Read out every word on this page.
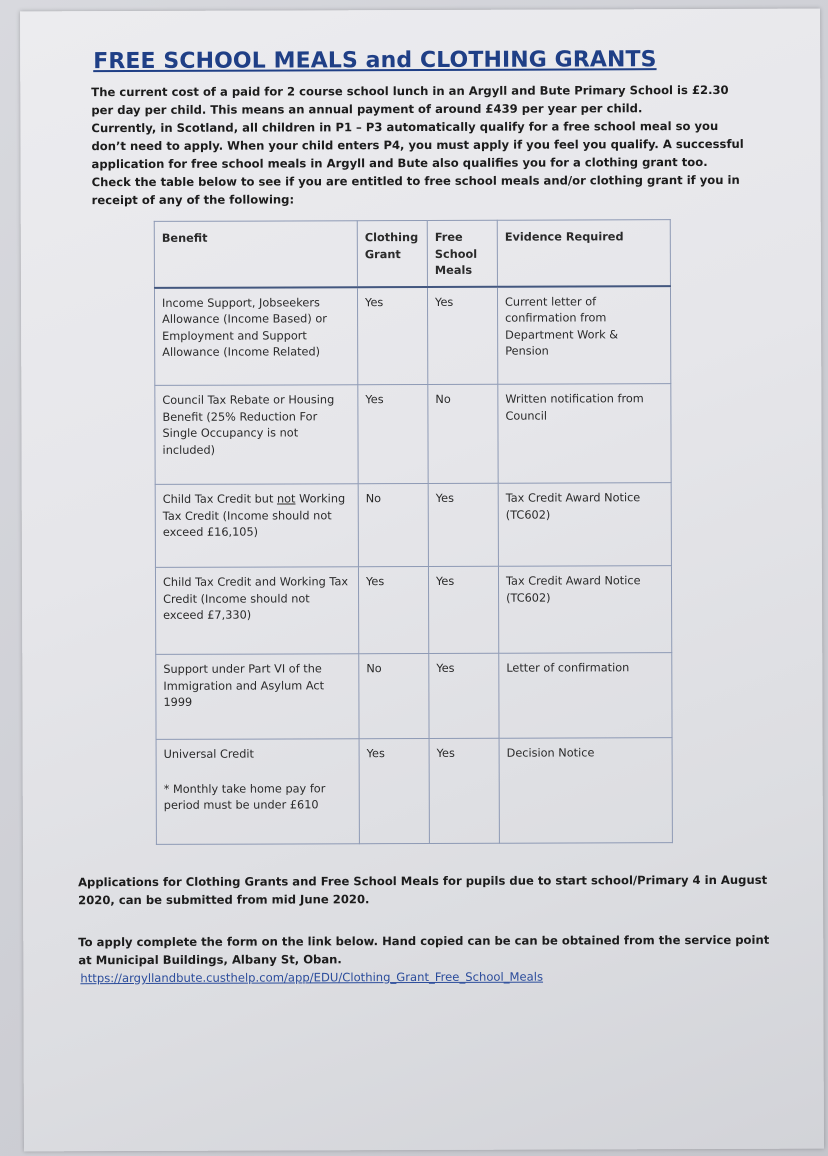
FREE SCHOOL MEALS and CLOTHING GRANTS

The current cost of a paid for 2 course school lunch in an Argyll and Bute Primary School is £2.30 per day per child. This means an annual payment of around £439 per year per child.

Currently, in Scotland, all children in P1 – P3 automatically qualify for a free school meal so you don’t need to apply. When your child enters P4, you must apply if you feel you qualify. A successful application for free school meals in Argyll and Bute also qualifies you for a clothing grant too.

Check the table below to see if you are entitled to free school meals and/or clothing grant if you in receipt of any of the following:

Benefit	Clothing Grant	Free School Meals	Evidence Required
Income Support, Jobseekers Allowance (Income Based) or Employment and Support Allowance (Income Related)	Yes	Yes	Current letter of confirmation from Department Work & Pension
Council Tax Rebate or Housing Benefit (25% Reduction For Single Occupancy is not included)	Yes	No	Written notification from Council
Child Tax Credit but not Working Tax Credit (Income should not exceed £16,105)	No	Yes	Tax Credit Award Notice (TC602)
Child Tax Credit and Working Tax Credit (Income should not exceed £7,330)	Yes	Yes	Tax Credit Award Notice (TC602)
Support under Part VI of the Immigration and Asylum Act 1999	No	Yes	Letter of confirmation
Universal Credit
* Monthly take home pay for period must be under £610	Yes	Yes	Decision Notice

Applications for Clothing Grants and Free School Meals for pupils due to start school/Primary 4 in August 2020, can be submitted from mid June 2020.

To apply complete the form on the link below. Hand copied can be can be obtained from the service point at Municipal Buildings, Albany St, Oban.

https://argyllandbute.custhelp.com/app/EDU/Clothing_Grant_Free_School_Meals
